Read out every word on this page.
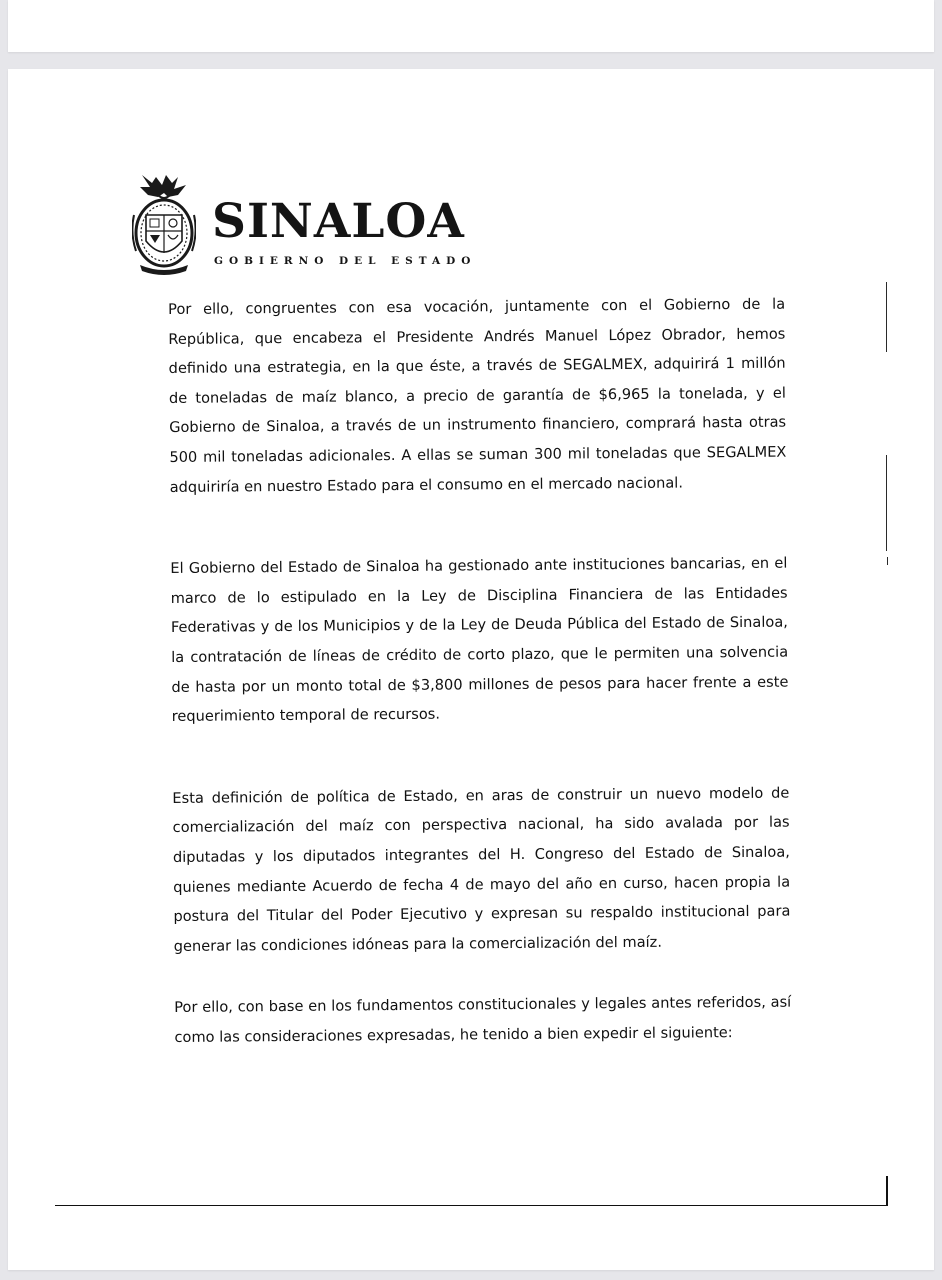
SINALOA
GOBIERNO DEL ESTADO

Por ello, congruentes con esa vocación, juntamente con el Gobierno de la República, que encabeza el Presidente Andrés Manuel López Obrador, hemos definido una estrategia, en la que éste, a través de SEGALMEX, adquirirá 1 millón de toneladas de maíz blanco, a precio de garantía de $6,965 la tonelada, y el Gobierno de Sinaloa, a través de un instrumento financiero, comprará hasta otras 500 mil toneladas adicionales. A ellas se suman 300 mil toneladas que SEGALMEX adquiriría en nuestro Estado para el consumo en el mercado nacional.

El Gobierno del Estado de Sinaloa ha gestionado ante instituciones bancarias, en el marco de lo estipulado en la Ley de Disciplina Financiera de las Entidades Federativas y de los Municipios y de la Ley de Deuda Pública del Estado de Sinaloa, la contratación de líneas de crédito de corto plazo, que le permiten una solvencia de hasta por un monto total de $3,800 millones de pesos para hacer frente a este requerimiento temporal de recursos.

Esta definición de política de Estado, en aras de construir un nuevo modelo de comercialización del maíz con perspectiva nacional, ha sido avalada por las diputadas y los diputados integrantes del H. Congreso del Estado de Sinaloa, quienes mediante Acuerdo de fecha 4 de mayo del año en curso, hacen propia la postura del Titular del Poder Ejecutivo y expresan su respaldo institucional para generar las condiciones idóneas para la comercialización del maíz.

Por ello, con base en los fundamentos constitucionales y legales antes referidos, así como las consideraciones expresadas, he tenido a bien expedir el siguiente:
